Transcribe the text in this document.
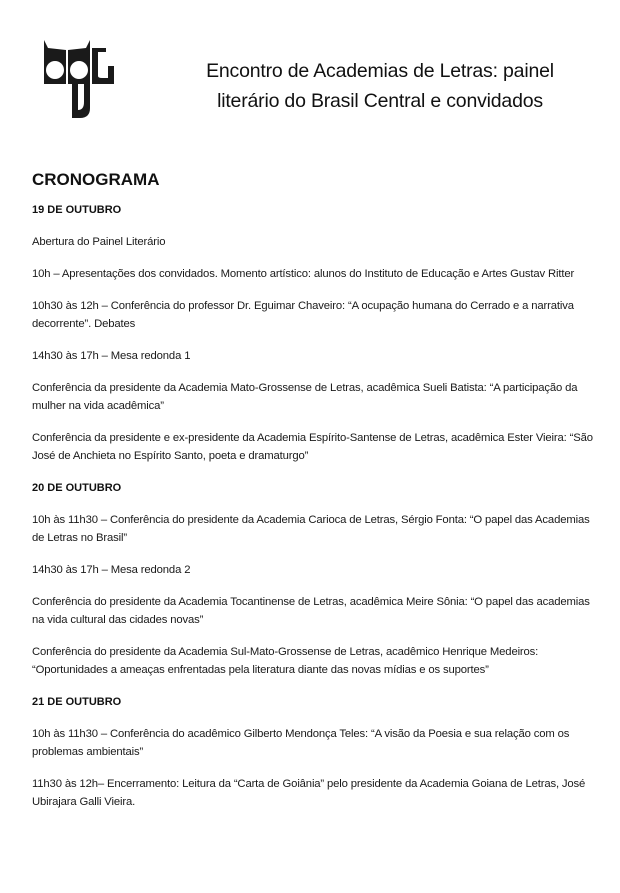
Encontro de Academias de Letras: painel
literário do Brasil Central e convidados
CRONOGRAMA
19 DE OUTUBRO
Abertura do Painel Literário
10h – Apresentações dos convidados. Momento artístico: alunos do Instituto de Educação e Artes Gustav Ritter
10h30 às 12h – Conferência do professor Dr. Eguimar Chaveiro: “A ocupação humana do Cerrado e a narrativa decorrente”. Debates
14h30 às 17h – Mesa redonda 1
Conferência da presidente da Academia Mato-Grossense de Letras, acadêmica Sueli Batista: “A participação da mulher na vida acadêmica”
Conferência da presidente e ex-presidente da Academia Espírito-Santense de Letras, acadêmica Ester Vieira: “São José de Anchieta no Espírito Santo, poeta e dramaturgo”
20 DE OUTUBRO
10h às 11h30 – Conferência do presidente da Academia Carioca de Letras, Sérgio Fonta: “O papel das Academias de Letras no Brasil”
14h30 às 17h – Mesa redonda 2
Conferência do presidente da Academia Tocantinense de Letras, acadêmica Meire Sônia: “O papel das academias na vida cultural das cidades novas”
Conferência do presidente da Academia Sul-Mato-Grossense de Letras, acadêmico Henrique Medeiros: “Oportunidades a ameaças enfrentadas pela literatura diante das novas mídias e os suportes”
21 DE OUTUBRO
10h às 11h30 – Conferência do acadêmico Gilberto Mendonça Teles: “A visão da Poesia e sua relação com os problemas ambientais”
11h30 às 12h– Encerramento: Leitura da “Carta de Goiânia” pelo presidente da Academia Goiana de Letras, José Ubirajara Galli Vieira.
